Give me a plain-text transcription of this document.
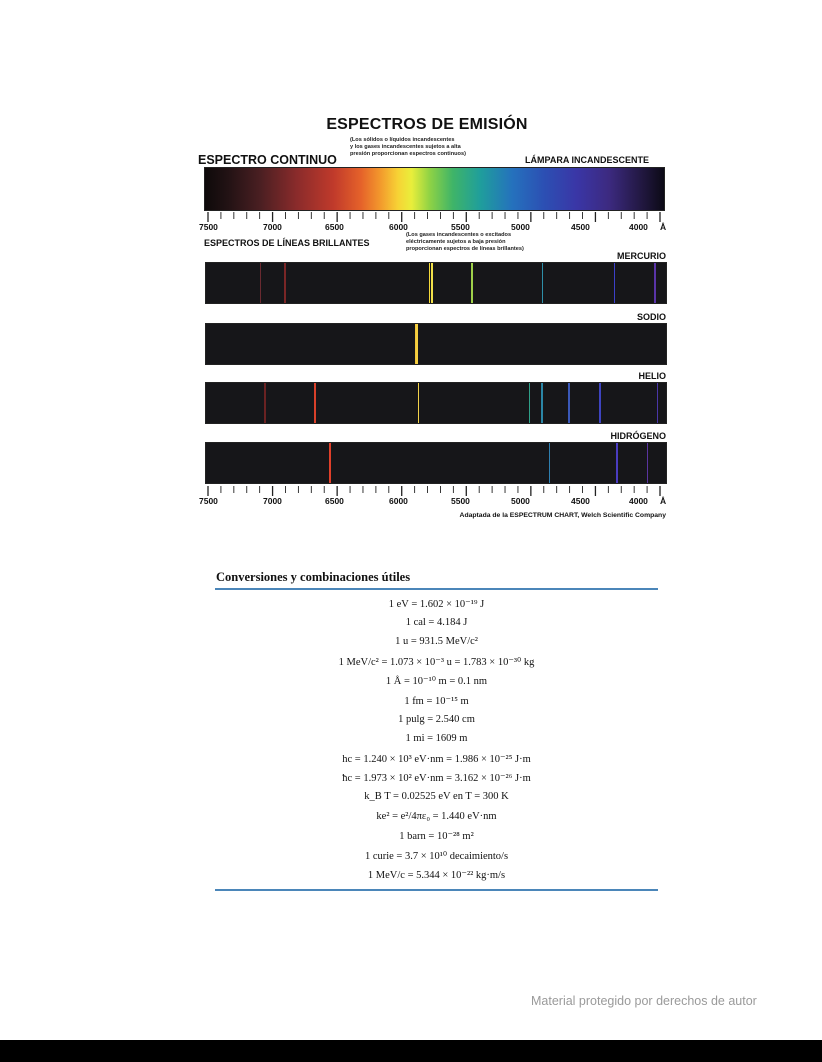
ESPECTROS DE EMISIÓN
ESPECTRO CONTINUO
(Los sólidos o líquidos incandescentes
y los gases incandescentes sujetos a alta
presión proporcionan espectros continuos)
LÁMPARA INCANDESCENTE
7500	7000	6500	6000	5500	5000	4500	4000 Å
ESPECTROS DE LÍNEAS BRILLANTES
(Los gases incandescentes o excitados
eléctricamente sujetos a baja presión
proporcionan espectros de líneas brillantes)
MERCURIO
SODIO
HELIO
HIDRÓGENO
7500	7000	6500	6000	5500	5000	4500	4000 Å
Adaptada de la ESPECTRUM CHART, Welch Scientific Company
Conversiones y combinaciones útiles
1 eV = 1.602 × 10⁻¹⁹ J
1 cal = 4.184 J
1 u = 931.5 MeV/c²
1 MeV/c² = 1.073 × 10⁻³ u = 1.783 × 10⁻³⁰ kg
1 Å = 10⁻¹⁰ m = 0.1 nm
1 fm = 10⁻¹⁵ m
1 pulg = 2.540 cm
1 mi = 1609 m
hc = 1.240 × 10³ eV·nm = 1.986 × 10⁻²⁵ J·m
ħc = 1.973 × 10² eV·nm = 3.162 × 10⁻²⁶ J·m
k_B T = 0.02525 eV en T = 300 K
ke² = e²/4πε₀ = 1.440 eV·nm
1 barn = 10⁻²⁸ m²
1 curie = 3.7 × 10¹⁰ decaimiento/s
1 MeV/c = 5.344 × 10⁻²² kg·m/s
Material protegido por derechos de autor
